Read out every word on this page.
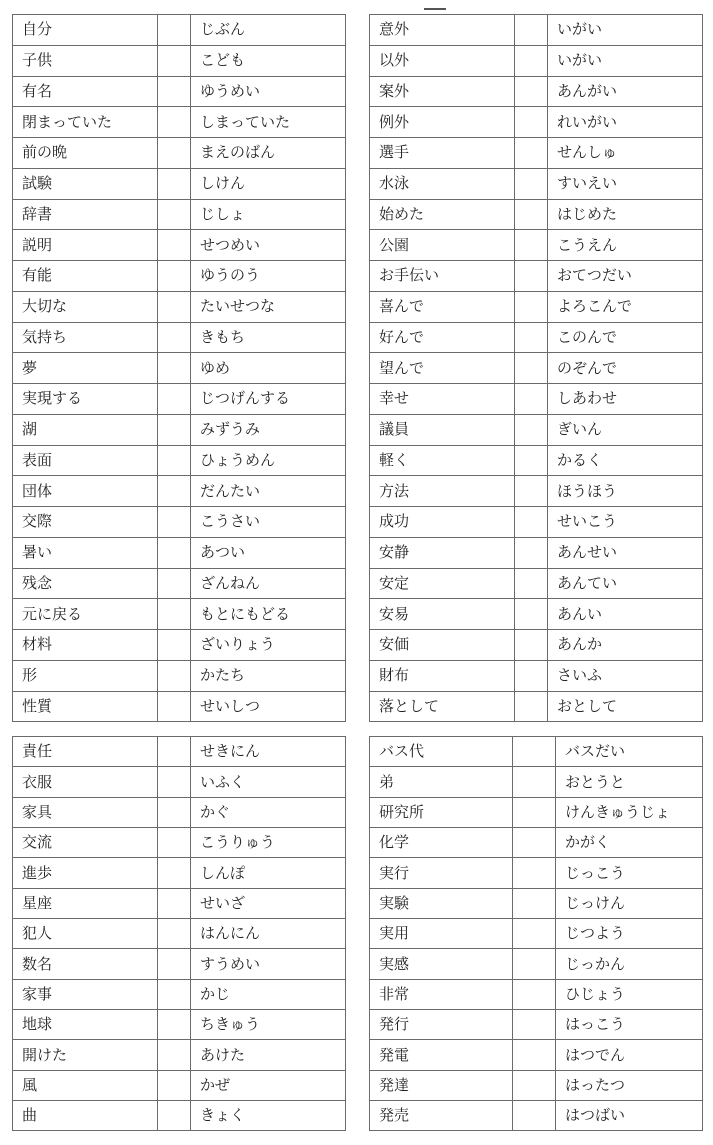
自分		じぶん
子供		こども
有名		ゆうめい
閉まっていた		しまっていた
前の晩		まえのばん
試験		しけん
辞書		じしょ
説明		せつめい
有能		ゆうのう
大切な		たいせつな
気持ち		きもち
夢		ゆめ
実現する		じつげんする
湖		みずうみ
表面		ひょうめん
団体		だんたい
交際		こうさい
暑い		あつい
残念		ざんねん
元に戻る		もとにもどる
材料		ざいりょう
形		かたち
性質		せいしつ
意外		いがい
以外		いがい
案外		あんがい
例外		れいがい
選手		せんしゅ
水泳		すいえい
始めた		はじめた
公園		こうえん
お手伝い		おてつだい
喜んで		よろこんで
好んで		このんで
望んで		のぞんで
幸せ		しあわせ
議員		ぎいん
軽く		かるく
方法		ほうほう
成功		せいこう
安静		あんせい
安定		あんてい
安易		あんい
安価		あんか
財布		さいふ
落として		おとして
責任		せきにん
衣服		いふく
家具		かぐ
交流		こうりゅう
進歩		しんぽ
星座		せいざ
犯人		はんにん
数名		すうめい
家事		かじ
地球		ちきゅう
開けた		あけた
風		かぜ
曲		きょく
バス代		バスだい
弟		おとうと
研究所		けんきゅうじょ
化学		かがく
実行		じっこう
実験		じっけん
実用		じつよう
実感		じっかん
非常		ひじょう
発行		はっこう
発電		はつでん
発達		はったつ
発売		はつばい
